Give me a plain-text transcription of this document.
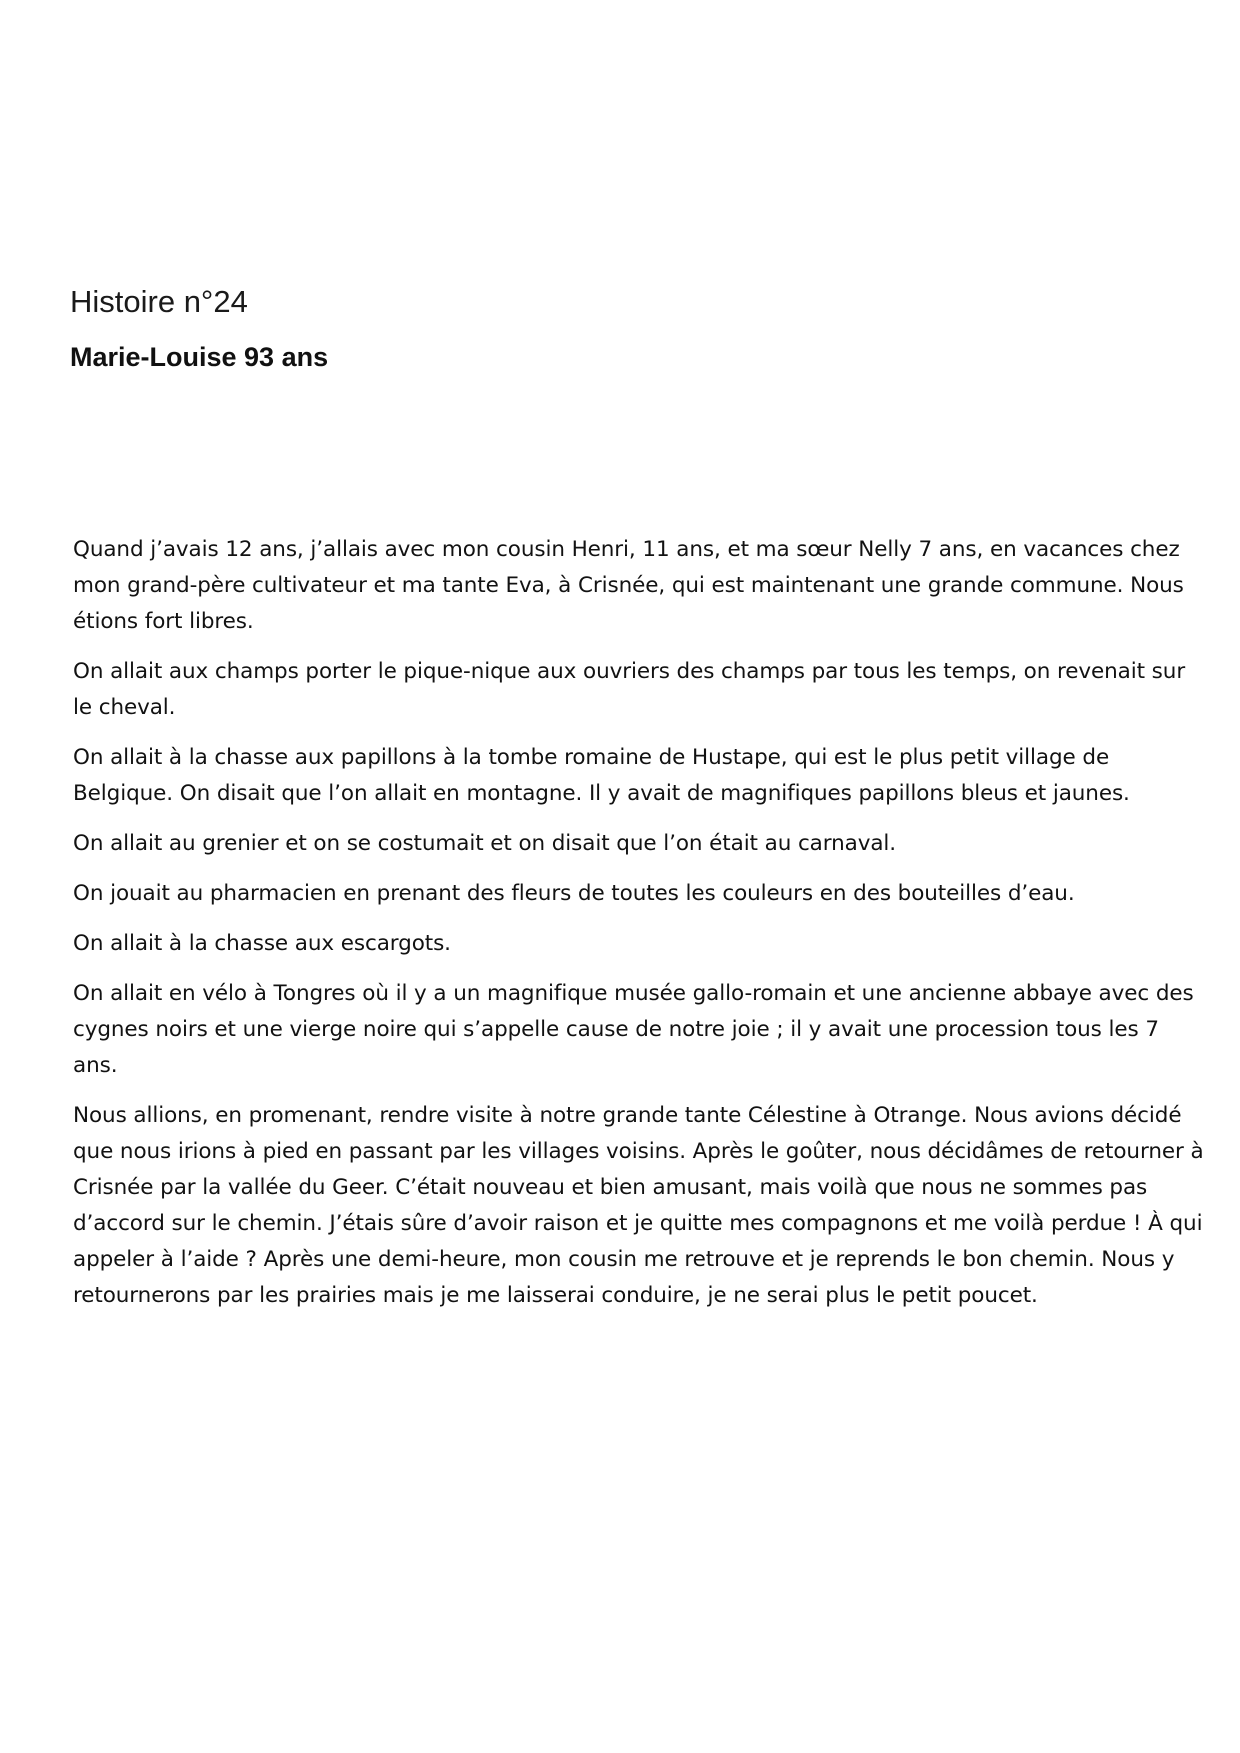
Histoire n°24
Marie-Louise 93 ans

Quand j’avais 12 ans, j’allais avec mon cousin Henri, 11 ans, et ma sœur Nelly 7 ans, en vacances chez mon grand-père cultivateur et ma tante Eva, à Crisnée, qui est maintenant une grande commune. Nous étions fort libres.

On allait aux champs porter le pique-nique aux ouvriers des champs par tous les temps, on revenait sur le cheval.

On allait à la chasse aux papillons à la tombe romaine de Hustape, qui est le plus petit village de Belgique. On disait que l’on allait en montagne. Il y avait de magnifiques papillons bleus et jaunes.

On allait au grenier et on se costumait et on disait que l’on était au carnaval.

On jouait au pharmacien en prenant des fleurs de toutes les couleurs en des bouteilles d’eau.

On allait à la chasse aux escargots.

On allait en vélo à Tongres où il y a un magnifique musée gallo-romain et une ancienne abbaye avec des cygnes noirs et une vierge noire qui s’appelle cause de notre joie ; il y avait une procession tous les 7 ans.

Nous allions, en promenant, rendre visite à notre grande tante Célestine à Otrange. Nous avions décidé que nous irions à pied en passant par les villages voisins. Après le goûter, nous décidâmes de retourner à Crisnée par la vallée du Geer. C’était nouveau et bien amusant, mais voilà que nous ne sommes pas d’accord sur le chemin. J’étais sûre d’avoir raison et je quitte mes compagnons et me voilà perdue ! À qui appeler à l’aide ? Après une demi-heure, mon cousin me retrouve et je reprends le bon chemin. Nous y retournerons par les prairies mais je me laisserai conduire, je ne serai plus le petit poucet.
